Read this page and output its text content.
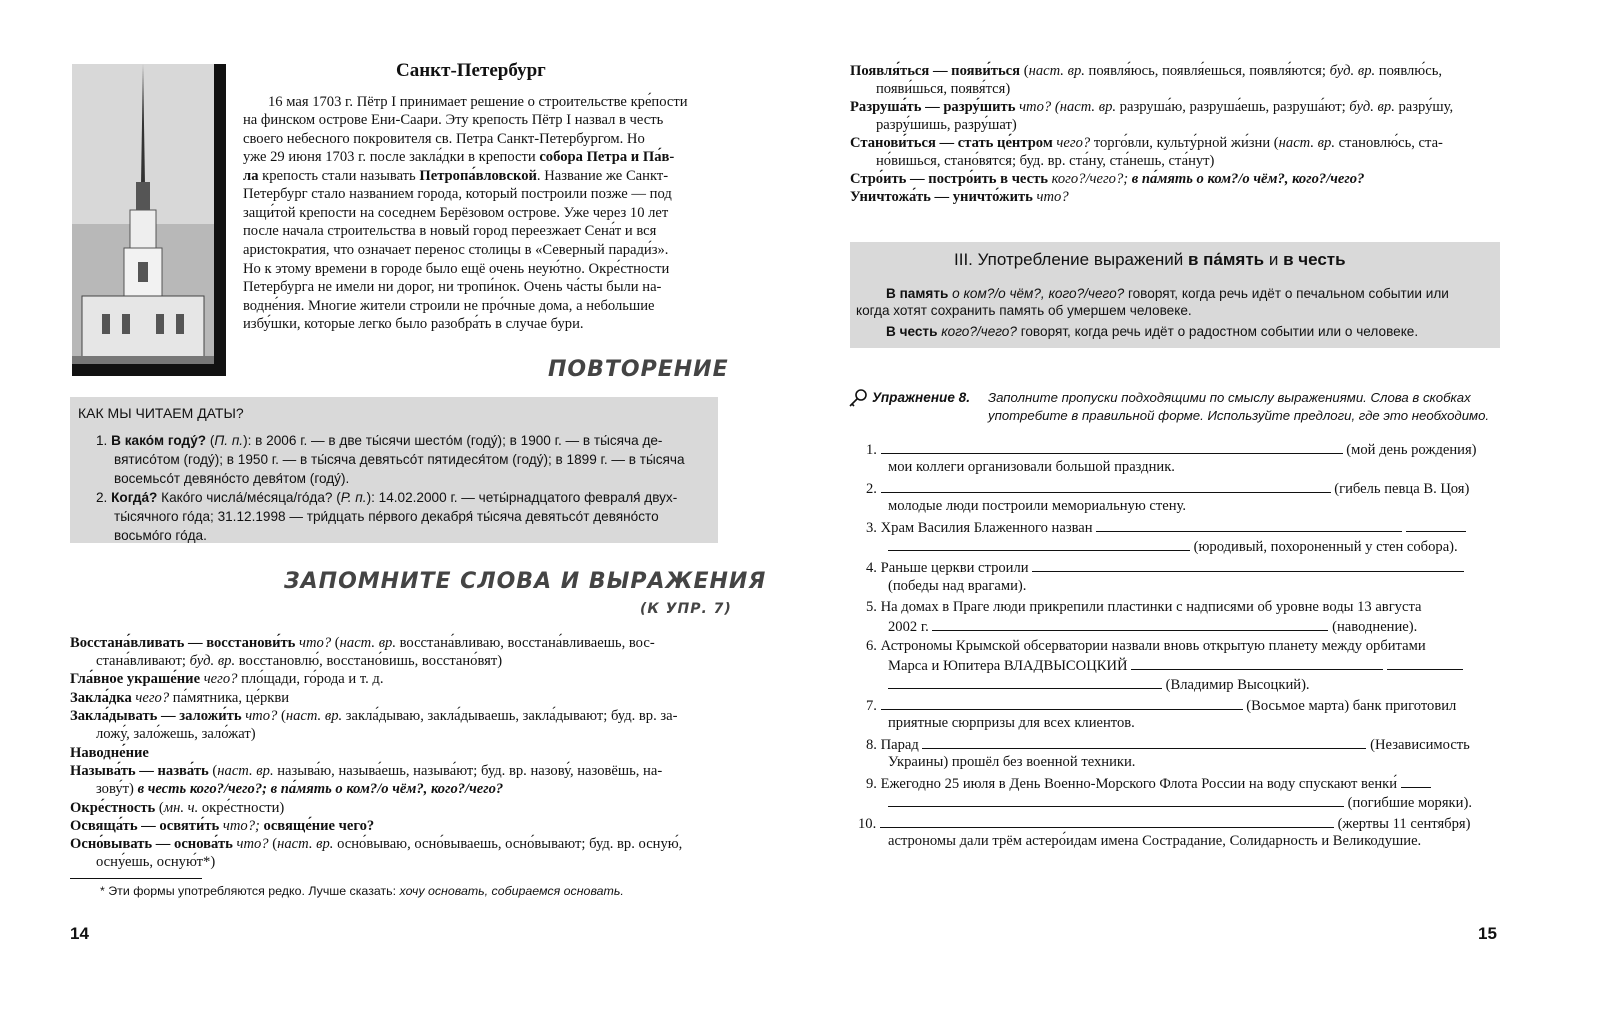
Санкт-Петербург
16 мая 1703 г. Пётр I принимает решение о строительстве кре́пости
на финском острове Ени-Саари. Эту крепость Пётр I назвал в честь
своего небесного покровителя св. Петра Санкт-Петербургом. Но
уже 29 июня 1703 г. после закла́дки в крепости собора Петра и Па́в-
ла крепость стали называть Петропа́вловской. Название же Санкт-
Петербург стало названием города, который построили позже — под
защи́той крепости на соседнем Берёзовом острове. Уже через 10 лет
после начала строительства в новый город переезжает Сена́т и вся
аристократия, что означает перенос столицы в «Северный паради́з».
Но к этому времени в городе было ещё очень неую́тно. Окре́стности
Петербурга не имели ни дорог, ни тропи́нок. Очень ча́сты были на-
водне́ния. Многие жители строили не про́чные дома, а небольшие
избу́шки, которые легко было разобра́ть в случае бури.
ПОВТОРЕНИЕ
КАК МЫ ЧИТАЕМ ДАТЫ?
1. В како́м году́? (П. п.): в 2006 г. — в две ты́сячи шесто́м (году́); в 1900 г. — в ты́сяча де-
вятисо́том (году́); в 1950 г. — в ты́сяча девятьсо́т пятидеся́том (году́); в 1899 г. — в ты́сяча
восемьсо́т девяно́сто девя́том (году́).
2. Когда́? Како́го числа́/ме́сяца/го́да? (Р. п.): 14.02.2000 г. — четы́рнадцатого февраля́ двух-
ты́сячного го́да; 31.12.1998 — три́дцать пе́рвого декабря́ ты́сяча девятьсо́т девяно́сто
восьмо́го го́да.
ЗАПОМНИТЕ СЛОВА И ВЫРАЖЕНИЯ
(К УПР. 7)
Восстана́вливать — восстанови́ть что? (наст. вр. восстана́вливаю, восстана́вливаешь, вос-
стана́вливают; буд. вр. восстановлю́, восстано́вишь, восстано́вят)
Гла́вное украше́ние чего? пло́щади, го́рода и т. д.
Закла́дка чего? па́мятника, це́ркви
Закла́дывать — заложи́ть что? (наст. вр. закла́дываю, закла́дываешь, закла́дывают; буд. вр. за-
ложу́, зало́жешь, зало́жат)
Наводне́ние
Называ́ть — назва́ть (наст. вр. называ́ю, называ́ешь, называ́ют; буд. вр. назову́, назовёшь, на-
зову́т) в честь кого?/чего?; в па́мять о ком?/о чём?, кого?/чего?
Окре́стность (мн. ч. окре́стности)
Освяща́ть — освяти́ть что?; освяще́ние чего?
Осно́вывать — основа́ть что? (наст. вр. осно́вываю, осно́вываешь, осно́вывают; буд. вр. осную́,
осну́ешь, осную́т*)
* Эти формы употребляются редко. Лучше сказать: хочу основать, собираемся основать.
14
Появля́ться — появи́ться (наст. вр. появля́юсь, появля́ешься, появля́ются; буд. вр. появлю́сь,
появи́шься, появя́тся)
Разруша́ть — разру́шить что? (наст. вр. разруша́ю, разруша́ешь, разруша́ют; буд. вр. разру́шу,
разру́шишь, разру́шат)
Станови́ться — стать це́нтром чего? торго́вли, культу́рной жи́зни (наст. вр. становлю́сь, ста-
но́вишься, стано́вятся; буд. вр. ста́ну, ста́нешь, ста́нут)
Стро́ить — постро́ить в честь кого?/чего?; в па́мять о ком?/о чём?, кого?/чего?
Уничтожа́ть — уничто́жить что?
III. Употребление выражений в па́мять и в честь
В память о ком?/о чём?, кого?/чего? говорят, когда речь идёт о печальном событии или
когда хотят сохранить память об умершем человеке.
В честь кого?/чего? говорят, когда речь идёт о радостном событии или о человеке.
Упражнение 8. Заполните пропуски подходящими по смыслу выражениями. Слова в скобках
употребите в правильной форме. Используйте предлоги, где это необходимо.
1.	(мой день рождения)
мои коллеги организовали большой праздник.
2.	(гибель певца В. Цоя)
молодые люди построили мемориальную стену.
3. Храм Василия Блаженного назван
(юродивый, похороненный у стен собора).
4. Раньше церкви строили
(победы над врагами).
5. На домах в Праге люди прикрепили пластинки с надписями об уровне воды 13 августа
2002 г.	(наводнение).
6. Астрономы Крымской обсерватории назвали вновь открытую планету между орбитами
Марса и Юпитера ВЛАДВЫСОЦКИЙ
(Владимир Высоцкий).
7.	(Восьмое марта) банк приготовил
приятные сюрпризы для всех клиентов.
8. Парад	(Независимость
Украины) прошёл без военной техники.
9. Ежегодно 25 июля в День Военно-Морского Флота России на воду спускают венки́
(погибшие моряки).
10.	(жертвы 11 сентября)
астрономы дали трём астеро́идам имена Сострадание, Солидарность и Великодушие.
15
